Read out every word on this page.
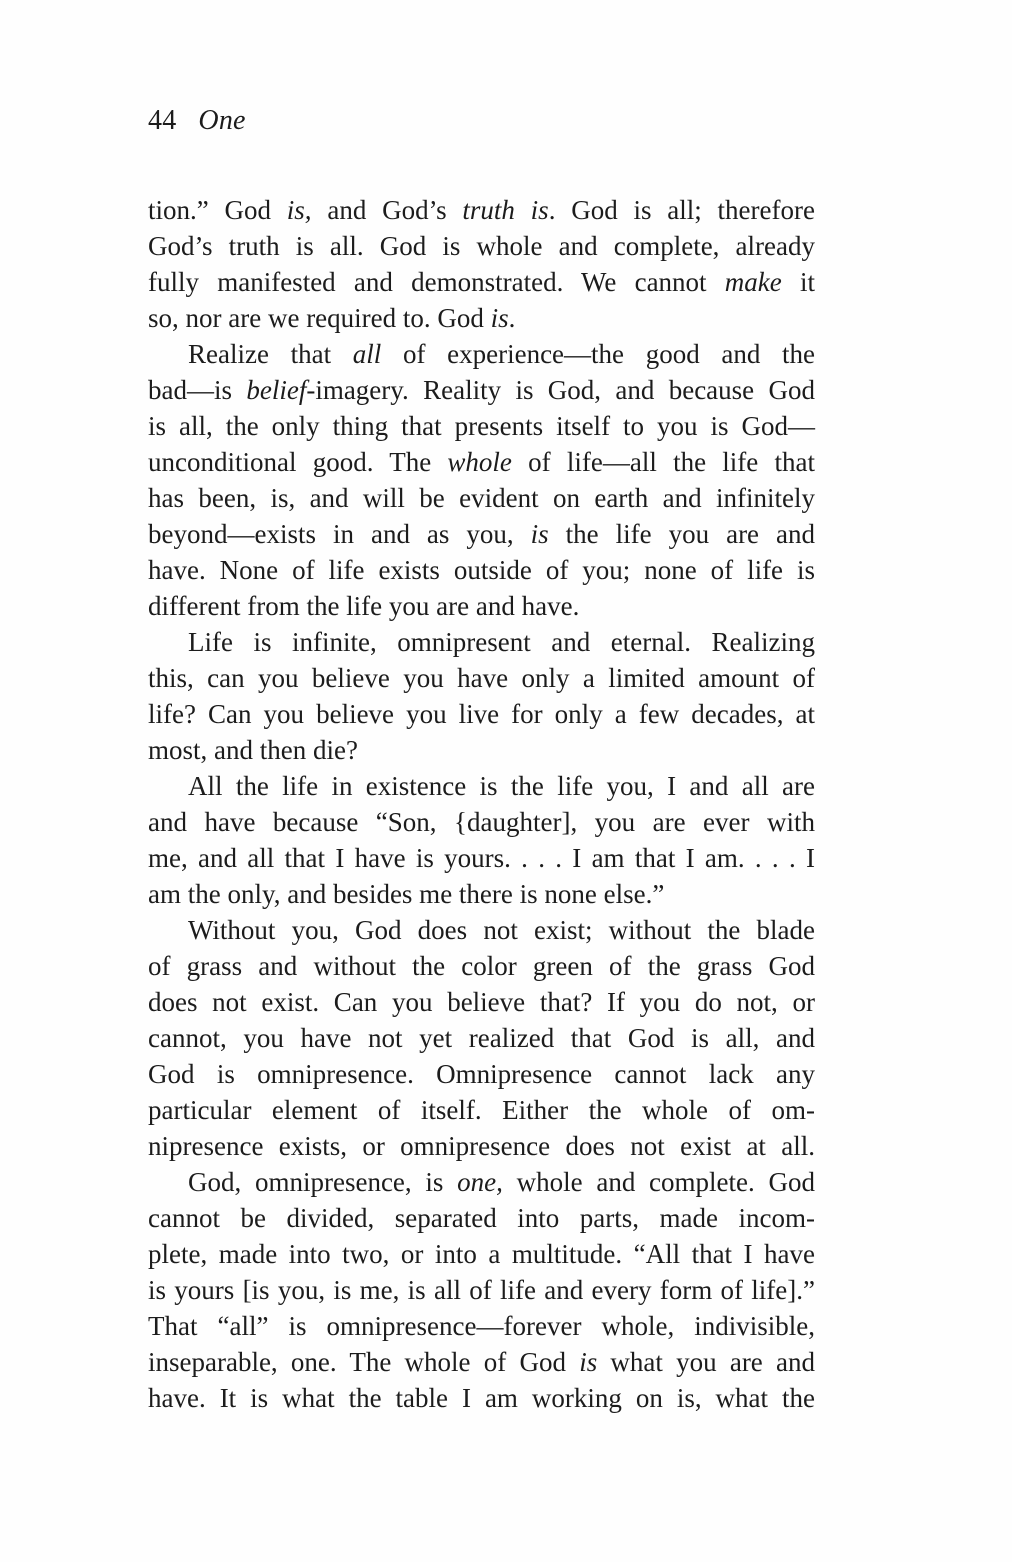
44 One
tion.” God is, and God’s truth is. God is all; therefore
God’s truth is all. God is whole and complete, already
fully manifested and demonstrated. We cannot make it
so, nor are we required to. God is.
Realize that all of experience—the good and the
bad—is belief-imagery. Reality is God, and because God
is all, the only thing that presents itself to you is God—
unconditional good. The whole of life—all the life that
has been, is, and will be evident on earth and infinitely
beyond—exists in and as you, is the life you are and
have. None of life exists outside of you; none of life is
different from the life you are and have.
Life is infinite, omnipresent and eternal. Realizing
this, can you believe you have only a limited amount of
life? Can you believe you live for only a few decades, at
most, and then die?
All the life in existence is the life you, I and all are
and have because “Son, {daughter], you are ever with
me, and all that I have is yours. . . . I am that I am. . . . I
am the only, and besides me there is none else.”
Without you, God does not exist; without the blade
of grass and without the color green of the grass God
does not exist. Can you believe that? If you do not, or
cannot, you have not yet realized that God is all, and
God is omnipresence. Omnipresence cannot lack any
particular element of itself. Either the whole of om-
nipresence exists, or omnipresence does not exist at all.
God, omnipresence, is one, whole and complete. God
cannot be divided, separated into parts, made incom-
plete, made into two, or into a multitude. “All that I have
is yours [is you, is me, is all of life and every form of life].”
That “all” is omnipresence—forever whole, indivisible,
inseparable, one. The whole of God is what you are and
have. It is what the table I am working on is, what the
